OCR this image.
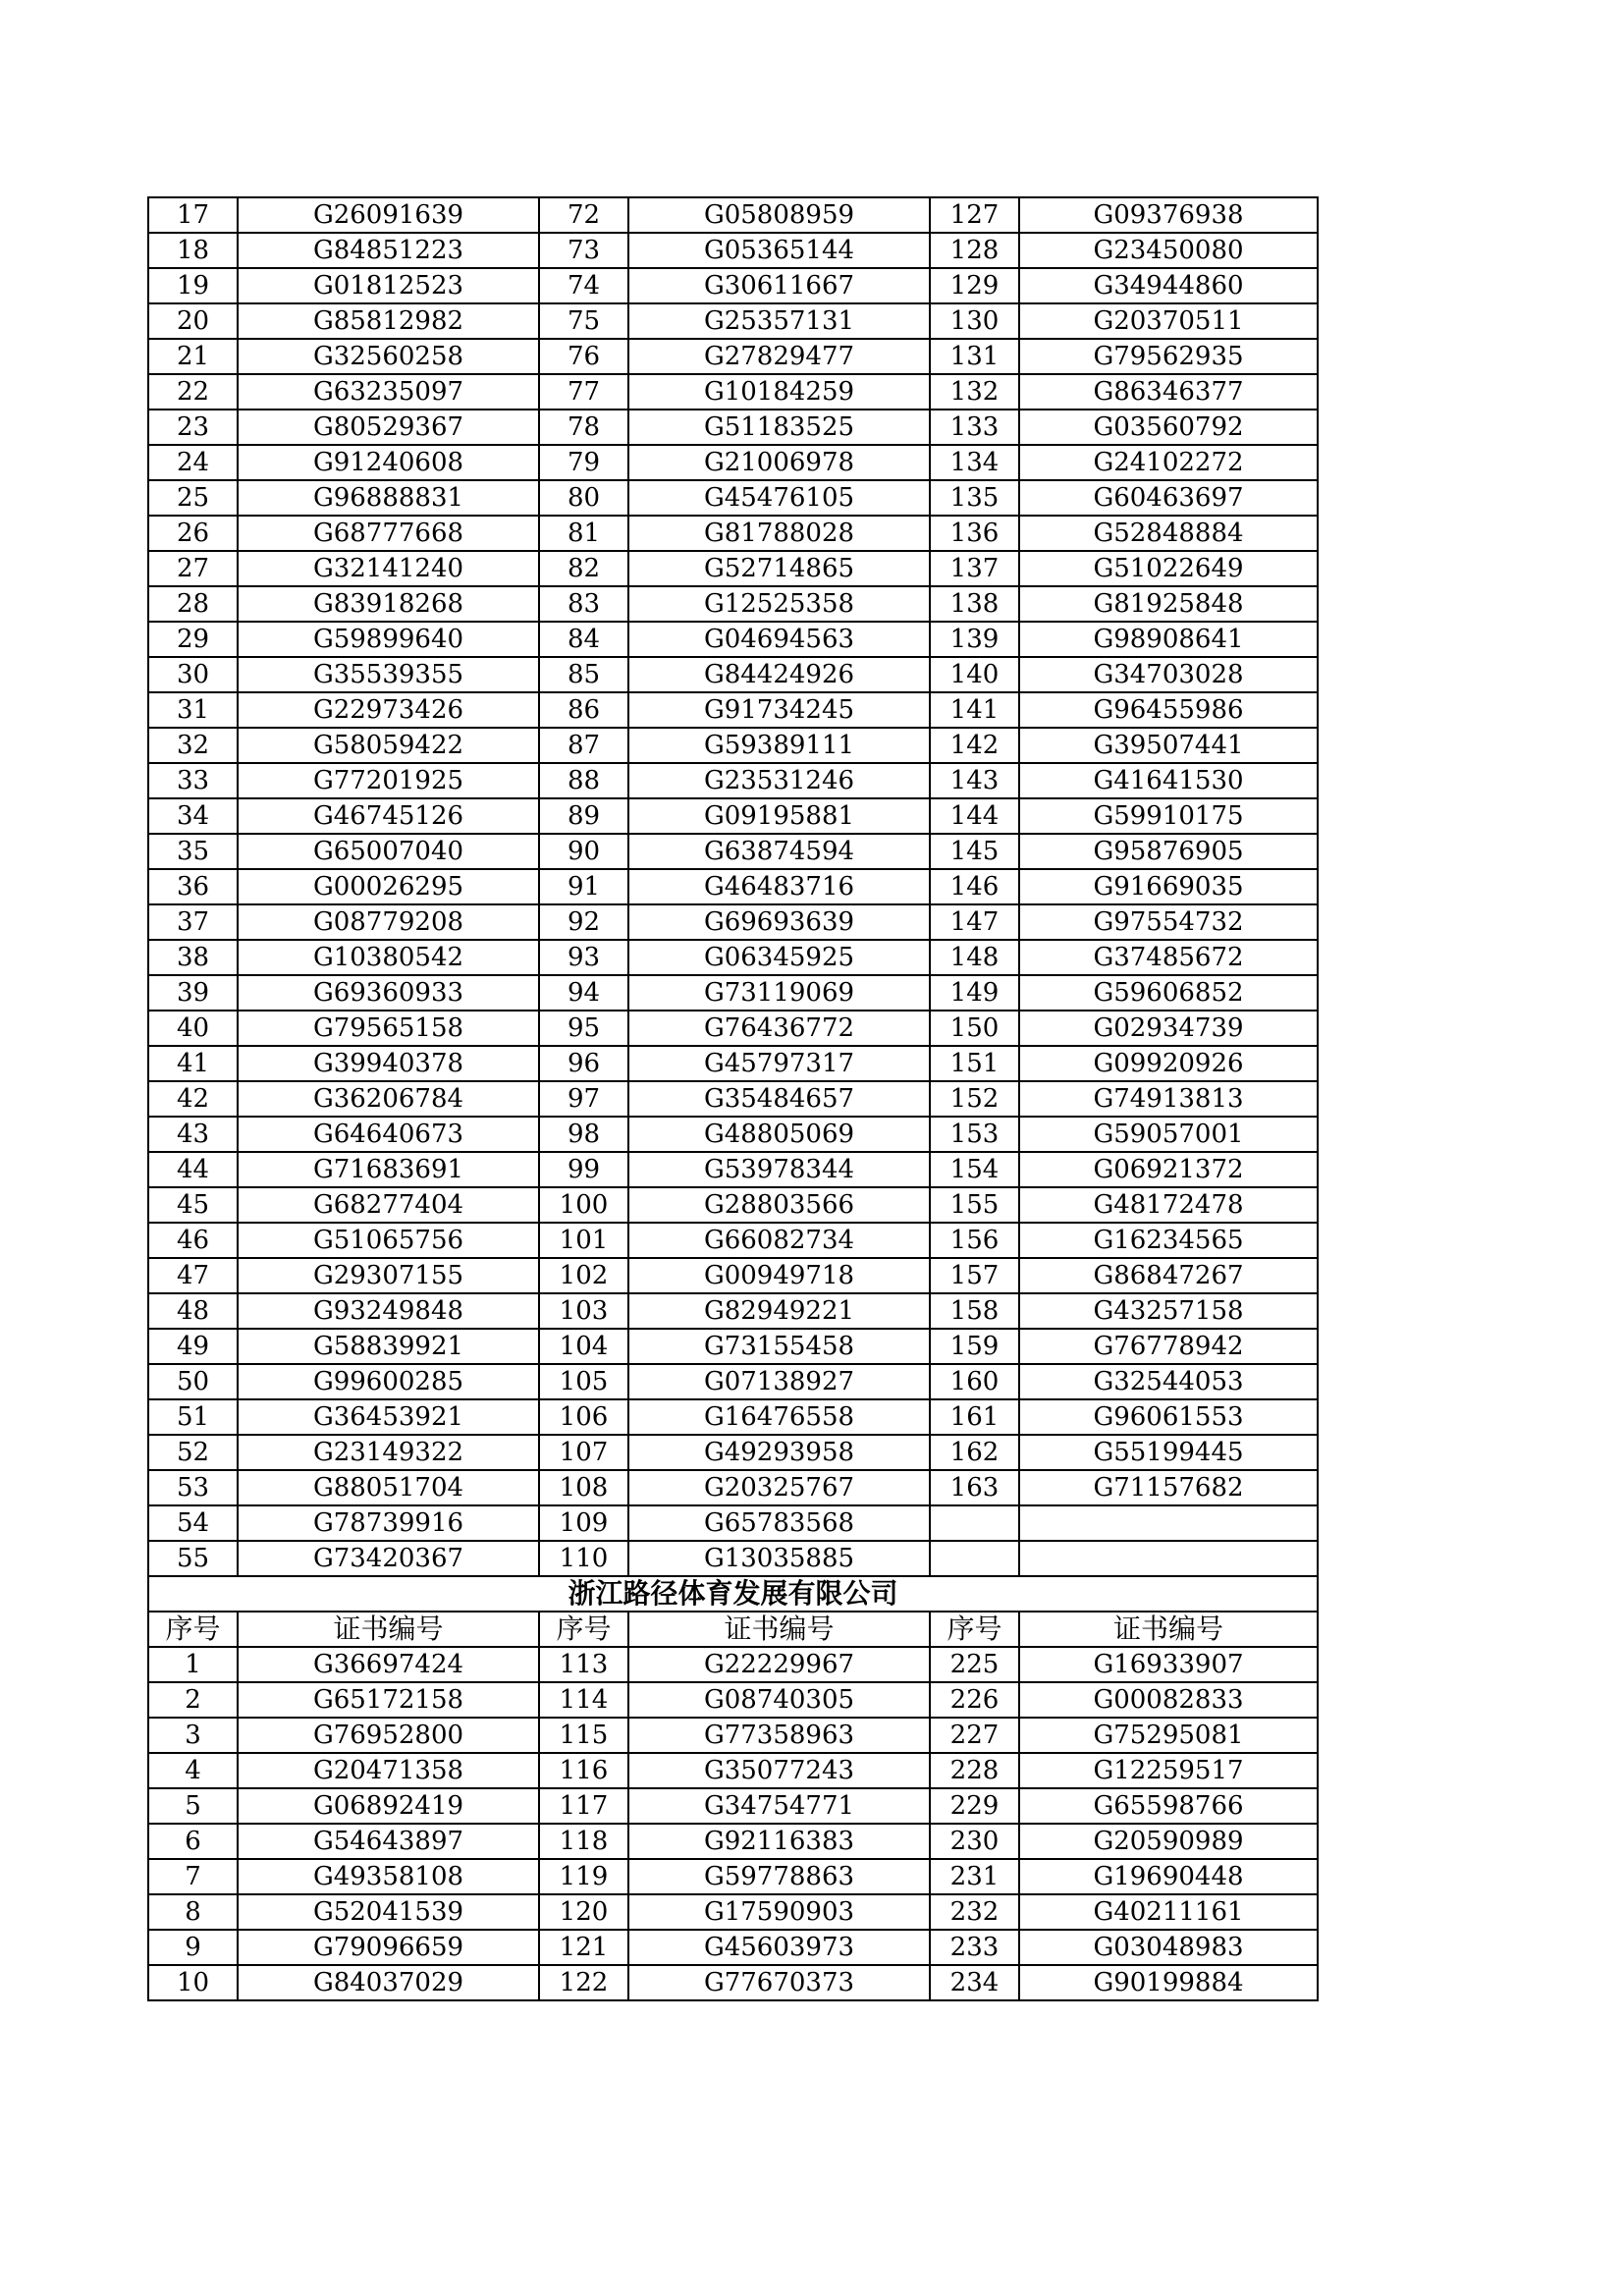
17	G26091639	72	G05808959	127	G09376938
18	G84851223	73	G05365144	128	G23450080
19	G01812523	74	G30611667	129	G34944860
20	G85812982	75	G25357131	130	G20370511
21	G32560258	76	G27829477	131	G79562935
22	G63235097	77	G10184259	132	G86346377
23	G80529367	78	G51183525	133	G03560792
24	G91240608	79	G21006978	134	G24102272
25	G96888831	80	G45476105	135	G60463697
26	G68777668	81	G81788028	136	G52848884
27	G32141240	82	G52714865	137	G51022649
28	G83918268	83	G12525358	138	G81925848
29	G59899640	84	G04694563	139	G98908641
30	G35539355	85	G84424926	140	G34703028
31	G22973426	86	G91734245	141	G96455986
32	G58059422	87	G59389111	142	G39507441
33	G77201925	88	G23531246	143	G41641530
34	G46745126	89	G09195881	144	G59910175
35	G65007040	90	G63874594	145	G95876905
36	G00026295	91	G46483716	146	G91669035
37	G08779208	92	G69693639	147	G97554732
38	G10380542	93	G06345925	148	G37485672
39	G69360933	94	G73119069	149	G59606852
40	G79565158	95	G76436772	150	G02934739
41	G39940378	96	G45797317	151	G09920926
42	G36206784	97	G35484657	152	G74913813
43	G64640673	98	G48805069	153	G59057001
44	G71683691	99	G53978344	154	G06921372
45	G68277404	100	G28803566	155	G48172478
46	G51065756	101	G66082734	156	G16234565
47	G29307155	102	G00949718	157	G86847267
48	G93249848	103	G82949221	158	G43257158
49	G58839921	104	G73155458	159	G76778942
50	G99600285	105	G07138927	160	G32544053
51	G36453921	106	G16476558	161	G96061553
52	G23149322	107	G49293958	162	G55199445
53	G88051704	108	G20325767	163	G71157682
54	G78739916	109	G65783568		
55	G73420367	110	G13035885		
浙江路径体育发展有限公司					
序号	证书编号	序号	证书编号	序号	证书编号
1	G36697424	113	G22229967	225	G16933907
2	G65172158	114	G08740305	226	G00082833
3	G76952800	115	G77358963	227	G75295081
4	G20471358	116	G35077243	228	G12259517
5	G06892419	117	G34754771	229	G65598766
6	G54643897	118	G92116383	230	G20590989
7	G49358108	119	G59778863	231	G19690448
8	G52041539	120	G17590903	232	G40211161
9	G79096659	121	G45603973	233	G03048983
10	G84037029	122	G77670373	234	G90199884
